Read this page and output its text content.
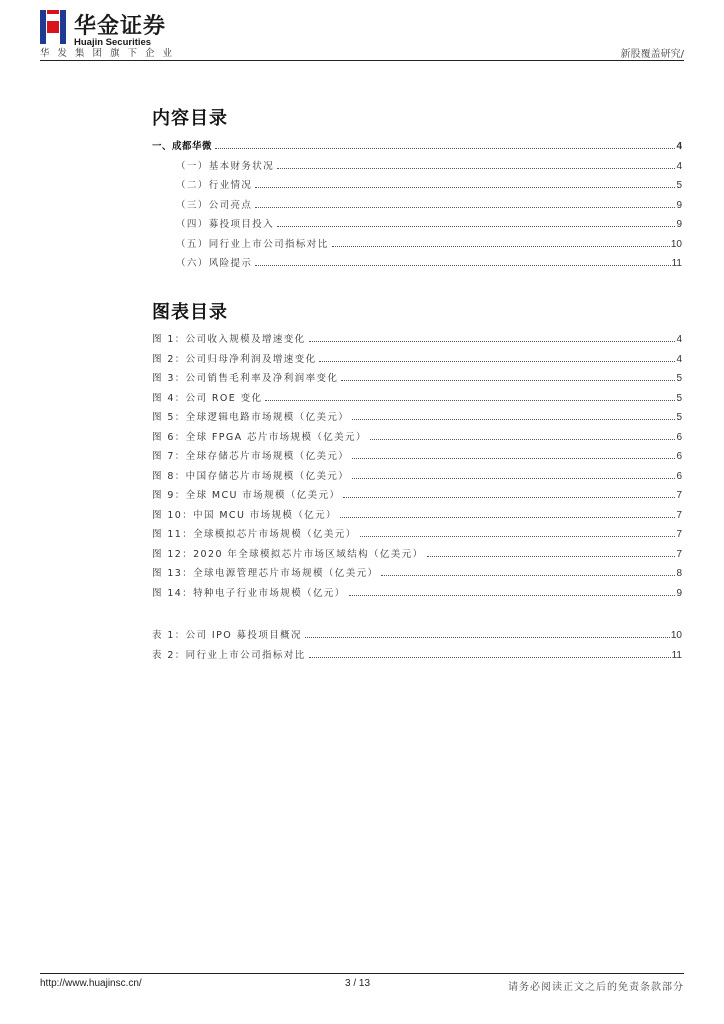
华金证券
Huajin Securities
华发集团旗下企业	新股覆盖研究/
内容目录
一、成都华微	4
（一）基本财务状况	4
（二）行业情况	5
（三）公司亮点	9
（四）募投项目投入	9
（五）同行业上市公司指标对比	10
（六）风险提示	11
图表目录
图 1：公司收入规模及增速变化	4
图 2：公司归母净利润及增速变化	4
图 3：公司销售毛利率及净利润率变化	5
图 4：公司 ROE 变化	5
图 5：全球逻辑电路市场规模（亿美元）	5
图 6：全球 FPGA 芯片市场规模（亿美元）	6
图 7：全球存储芯片市场规模（亿美元）	6
图 8：中国存储芯片市场规模（亿美元）	6
图 9：全球 MCU 市场规模（亿美元）	7
图 10：中国 MCU 市场规模（亿元）	7
图 11：全球模拟芯片市场规模（亿美元）	7
图 12：2020 年全球模拟芯片市场区域结构（亿美元）	7
图 13：全球电源管理芯片市场规模（亿美元）	8
图 14：特种电子行业市场规模（亿元）	9
表 1：公司 IPO 募投项目概况	10
表 2：同行业上市公司指标对比	11
http://www.huajinsc.cn/	3 / 13	请务必阅读正文之后的免责条款部分
